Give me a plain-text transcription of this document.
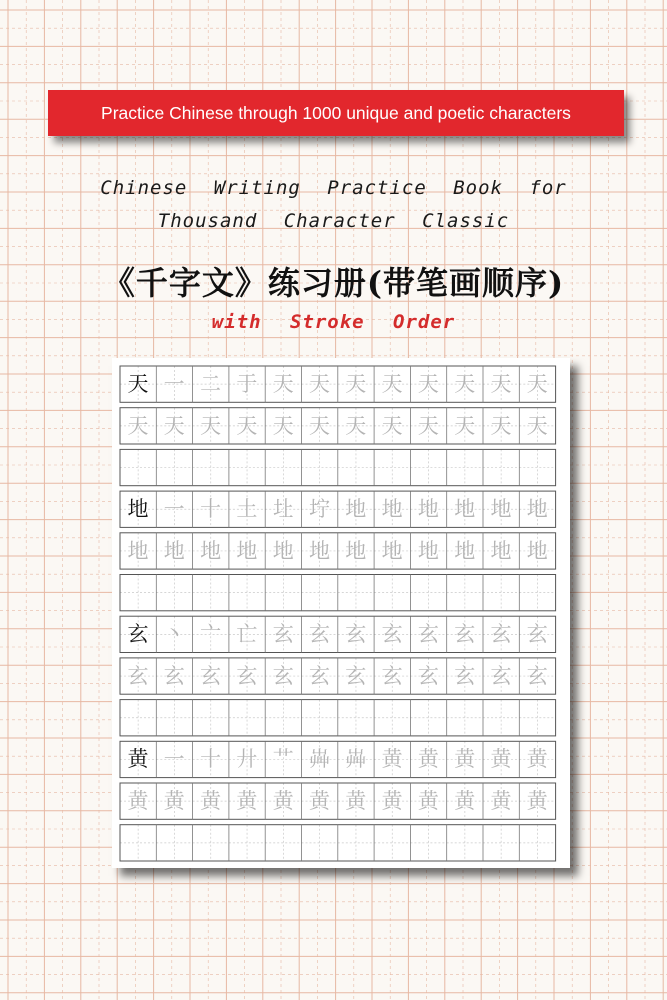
Practice Chinese through 1000 unique and poetic characters
Chinese Writing Practice Book for
Thousand Character Classic
《千字文》练习册(带笔画顺序)
with Stroke Order
天 一 二 于 天 天 天 天 天 天 天 天
天 天 天 天 天 天 天 天 天 天 天 天
地 一 十 土 圵 坾 地 地 地 地 地 地
地 地 地 地 地 地 地 地 地 地 地 地
玄 丶 亠 亡 玄 玄 玄 玄 玄 玄 玄 玄
玄 玄 玄 玄 玄 玄 玄 玄 玄 玄 玄 玄
黄 一 十 廾 艹 芔 芔 黄 黄 黄 黄 黄
黄 黄 黄 黄 黄 黄 黄 黄 黄 黄 黄 黄
